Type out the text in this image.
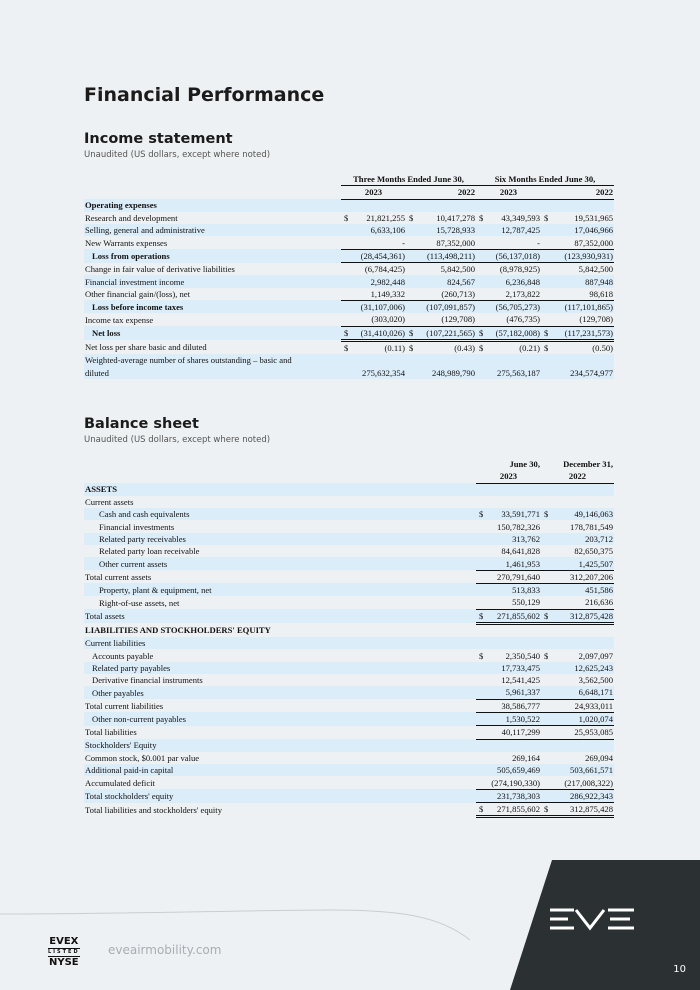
Financial Performance
Income statement
Unaudited (US dollars, except where noted)
	Three Months Ended June 30,				Six Months Ended June 30,			
	2023		2022		2023		2022	
Operating expenses								
Research and development	$	21,821,255	$	10,417,278	$	43,349,593	$	19,531,965
Selling, general and administrative		6,633,106		15,728,933		12,787,425		17,046,966
New Warrants expenses		-		87,352,000		-		87,352,000
Loss from operations		(28,454,361)		(113,498,211)		(56,137,018)		(123,930,931)
Change in fair value of derivative liabilities		(6,784,425)		5,842,500		(8,978,925)		5,842,500
Financial investment income		2,982,448		824,567		6,236,848		887,948
Other financial gain/(loss), net		1,149,332		(260,713)		2,173,822		98,618
Loss before income taxes		(31,107,006)		(107,091,857)		(56,705,273)		(117,101,865)
Income tax expense		(303,020)		(129,708)		(476,735)		(129,708)
Net loss	$	(31,410,026)	$	(107,221,565)	$	(57,182,008)	$	(117,231,573)
Net loss per share basic and diluted	$	(0.11)	$	(0.43)	$	(0.21)	$	(0.50)
Weighted-average number of shares outstanding – basic and								
diluted		275,632,354		248,989,790		275,563,187		234,574,977
Balance sheet
Unaudited (US dollars, except where noted)
	June 30,		December 31,	
	2023		2022	
ASSETS				
Current assets				
Cash and cash equivalents	$	33,591,771	$	49,146,063
Financial investments		150,782,326		178,781,549
Related party receivables		313,762		203,712
Related party loan receivable		84,641,828		82,650,375
Other current assets		1,461,953		1,425,507
Total current assets		270,791,640		312,207,206
Property, plant & equipment, net		513,833		451,586
Right-of-use assets, net		550,129		216,636
Total assets	$	271,855,602	$	312,875,428
LIABILITIES AND STOCKHOLDERS' EQUITY				
Current liabilities				
Accounts payable	$	2,350,540	$	2,097,097
Related party payables		17,733,475		12,625,243
Derivative financial instruments		12,541,425		3,562,500
Other payables		5,961,337		6,648,171
Total current liabilities		38,586,777		24,933,011
Other non-current payables		1,530,522		1,020,074
Total liabilities		40,117,299		25,953,085
Stockholders' Equity				
Common stock, $0.001 par value		269,164		269,094
Additional paid-in capital		505,659,469		503,661,571
Accumulated deficit		(274,190,330)		(217,008,322)
Total stockholders' equity		231,738,303		286,922,343
Total liabilities and stockholders' equity	$	271,855,602	$	312,875,428
EVEX
LISTED
NYSE
eveairmobility.com
10
